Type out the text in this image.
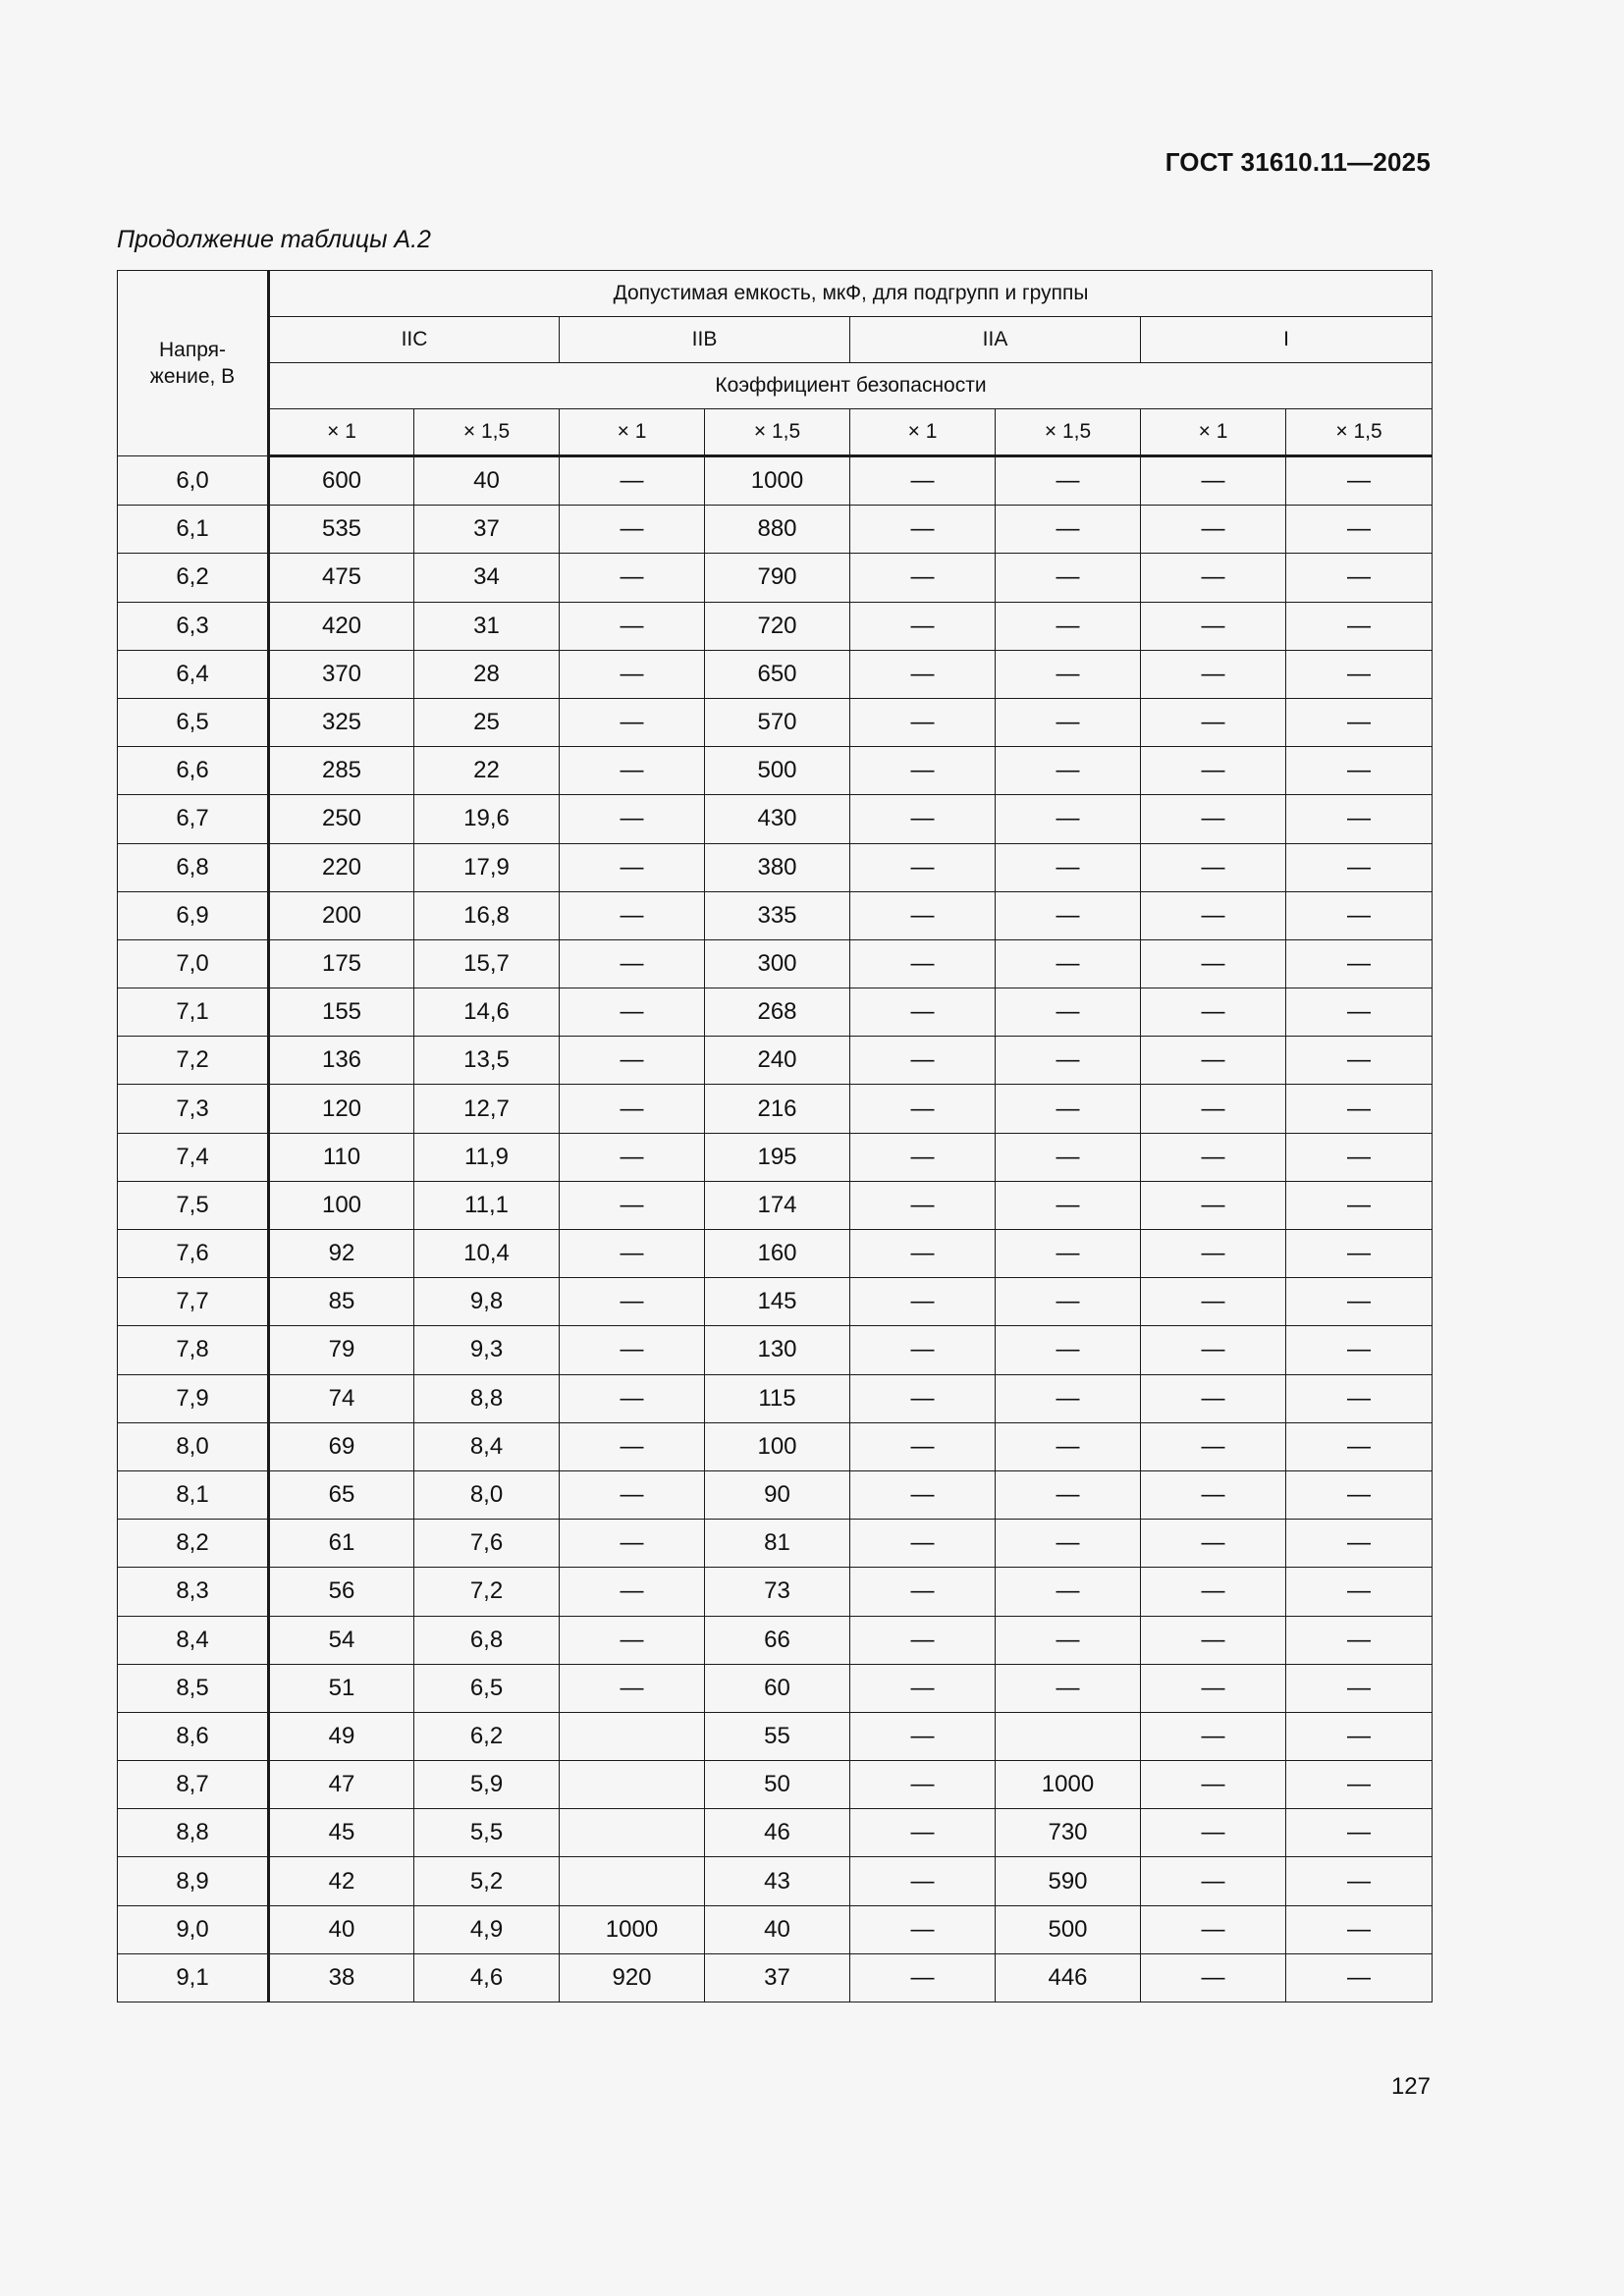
ГОСТ 31610.11—2025
Продолжение таблицы А.2
Напря-
жение, В	Допустимая емкость, мкФ, для подгрупп и группы							
	IIC		IIB		IIA		I	
	Коэффициент безопасности							
	× 1	× 1,5	× 1	× 1,5	× 1	× 1,5	× 1	× 1,5
6,0	600	40	—	1000	—	—	—	—
6,1	535	37	—	880	—	—	—	—
6,2	475	34	—	790	—	—	—	—
6,3	420	31	—	720	—	—	—	—
6,4	370	28	—	650	—	—	—	—
6,5	325	25	—	570	—	—	—	—
6,6	285	22	—	500	—	—	—	—
6,7	250	19,6	—	430	—	—	—	—
6,8	220	17,9	—	380	—	—	—	—
6,9	200	16,8	—	335	—	—	—	—
7,0	175	15,7	—	300	—	—	—	—
7,1	155	14,6	—	268	—	—	—	—
7,2	136	13,5	—	240	—	—	—	—
7,3	120	12,7	—	216	—	—	—	—
7,4	110	11,9	—	195	—	—	—	—
7,5	100	11,1	—	174	—	—	—	—
7,6	92	10,4	—	160	—	—	—	—
7,7	85	9,8	—	145	—	—	—	—
7,8	79	9,3	—	130	—	—	—	—
7,9	74	8,8	—	115	—	—	—	—
8,0	69	8,4	—	100	—	—	—	—
8,1	65	8,0	—	90	—	—	—	—
8,2	61	7,6	—	81	—	—	—	—
8,3	56	7,2	—	73	—	—	—	—
8,4	54	6,8	—	66	—	—	—	—
8,5	51	6,5	—	60	—	—	—	—
8,6	49	6,2		55	—		—	—
8,7	47	5,9		50	—	1000	—	—
8,8	45	5,5		46	—	730	—	—
8,9	42	5,2		43	—	590	—	—
9,0	40	4,9	1000	40	—	500	—	—
9,1	38	4,6	920	37	—	446	—	—
127
